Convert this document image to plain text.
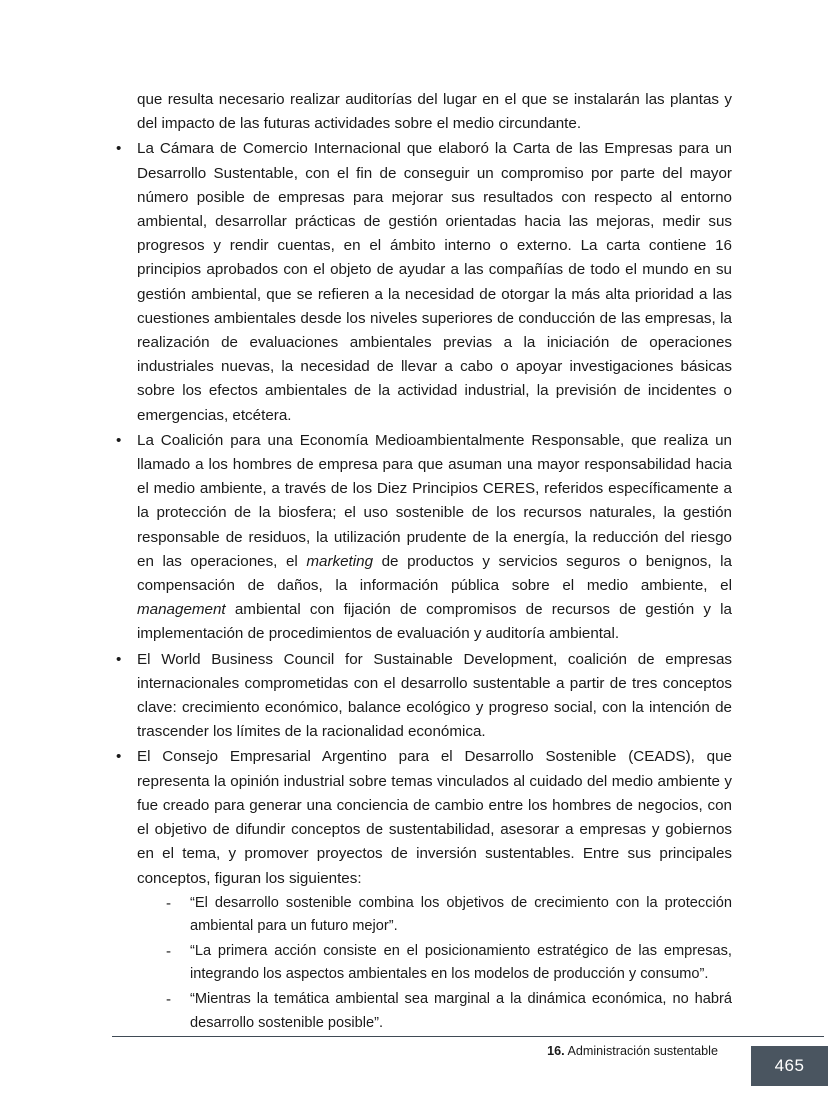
que resulta necesario realizar auditorías del lugar en el que se instalarán las plantas y del impacto de las futuras actividades sobre el medio circundante.

• La Cámara de Comercio Internacional que elaboró la Carta de las Empresas para un Desarrollo Sustentable, con el fin de conseguir un compromiso por parte del mayor número posible de empresas para mejorar sus resultados con respecto al entorno ambiental, desarrollar prácticas de gestión orientadas hacia las mejoras, medir sus progresos y rendir cuentas, en el ámbito interno o externo. La carta contiene 16 principios aprobados con el objeto de ayudar a las compañías de todo el mundo en su gestión ambiental, que se refieren a la necesidad de otorgar la más alta prioridad a las cuestiones ambientales desde los niveles superiores de conducción de las empresas, la realización de evaluaciones ambientales previas a la iniciación de operaciones industriales nuevas, la necesidad de llevar a cabo o apoyar investigaciones básicas sobre los efectos ambientales de la actividad industrial, la previsión de incidentes o emergencias, etcétera.

• La Coalición para una Economía Medioambientalmente Responsable, que realiza un llamado a los hombres de empresa para que asuman una mayor responsabilidad hacia el medio ambiente, a través de los Diez Principios CERES, referidos específicamente a la protección de la biosfera; el uso sostenible de los recursos naturales, la gestión responsable de residuos, la utilización prudente de la energía, la reducción del riesgo en las operaciones, el marketing de productos y servicios seguros o benignos, la compensación de daños, la información pública sobre el medio ambiente, el management ambiental con fijación de compromisos de recursos de gestión y la implementación de procedimientos de evaluación y auditoría ambiental.

• El World Business Council for Sustainable Development, coalición de empresas internacionales comprometidas con el desarrollo sustentable a partir de tres conceptos clave: crecimiento económico, balance ecológico y progreso social, con la intención de trascender los límites de la racionalidad económica.

• El Consejo Empresarial Argentino para el Desarrollo Sostenible (CEADS), que representa la opinión industrial sobre temas vinculados al cuidado del medio ambiente y fue creado para generar una conciencia de cambio entre los hombres de negocios, con el objetivo de difundir conceptos de sustentabilidad, asesorar a empresas y gobiernos en el tema, y promover proyectos de inversión sustentables. Entre sus principales conceptos, figuran los siguientes:

- “El desarrollo sostenible combina los objetivos de crecimiento con la protección ambiental para un futuro mejor”.

- “La primera acción consiste en el posicionamiento estratégico de las empresas, integrando los aspectos ambientales en los modelos de producción y consumo”.

- “Mientras la temática ambiental sea marginal a la dinámica económica, no habrá desarrollo sostenible posible”.

16. Administración sustentable
465
